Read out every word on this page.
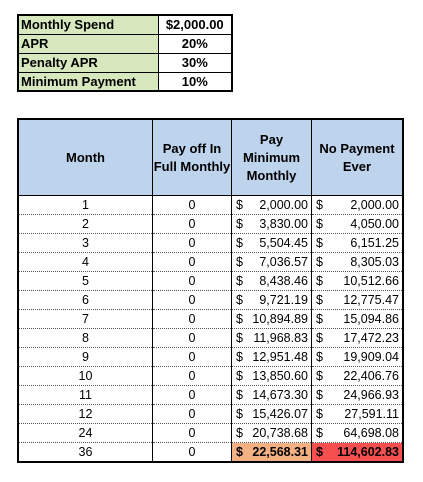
Monthly Spend	$2,000.00
APR	20%
Penalty APR	30%
Minimum Payment	10%
Month	Pay off In Full Monthly	Pay Minimum Monthly	No Payment Ever
1	0	$ 2,000.00	$ 2,000.00

2	0	$ 3,830.00	$ 4,050.00

3	0	$ 5,504.45	$ 6,151.25

4	0	$ 7,036.57	$ 8,305.03

5	0	$ 8,438.46	$ 10,512.66

6	0	$ 9,721.19	$ 12,775.47

7	0	$ 10,894.89	$ 15,094.86

8	0	$ 11,968.83	$ 17,472.23

9	0	$ 12,951.48	$ 19,909.04

10	0	$ 13,850.60	$ 22,406.76

11	0	$ 14,673.30	$ 24,966.93

12	0	$ 15,426.07	$ 27,591.11

24	0	$ 20,738.68	$ 64,698.08

36	0	$ 22,568.31	$ 114,602.83
